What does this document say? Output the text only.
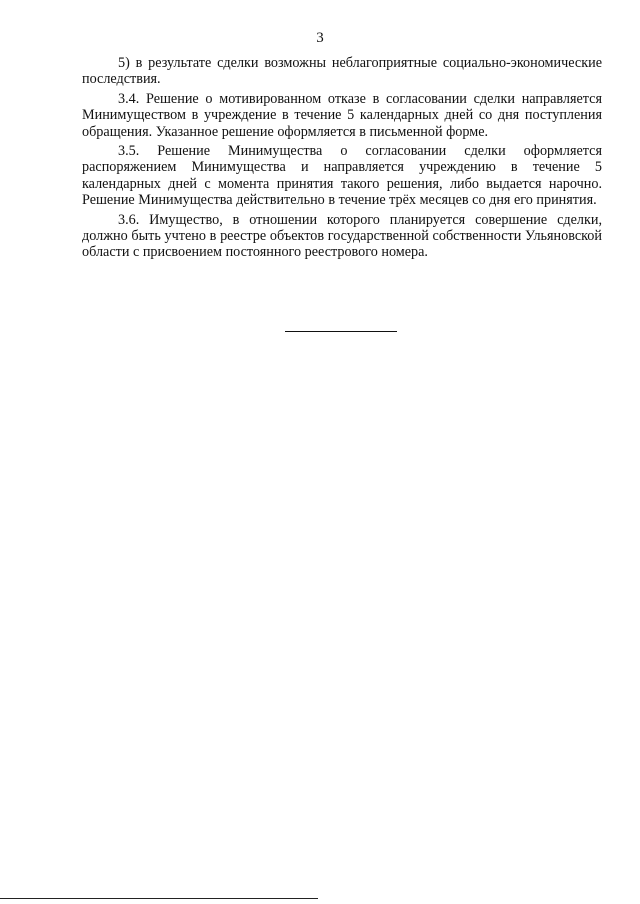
3

5) в результате сделки возможны неблагоприятные социально-экономические последствия.

3.4. Решение о мотивированном отказе в согласовании сделки направляется Минимуществом в учреждение в течение 5 календарных дней со дня поступления обращения. Указанное решение оформляется в письменной форме.

3.5. Решение Минимущества о согласовании сделки оформляется распоряжением Минимущества и направляется учреждению в течение 5 календарных дней с момента принятия такого решения, либо выдается нарочно. Решение Минимущества действительно в течение трёх месяцев со дня его принятия.

3.6. Имущество, в отношении которого планируется совершение сделки, должно быть учтено в реестре объектов государственной собственности Ульяновской области с присвоением постоянного реестрового номера.
